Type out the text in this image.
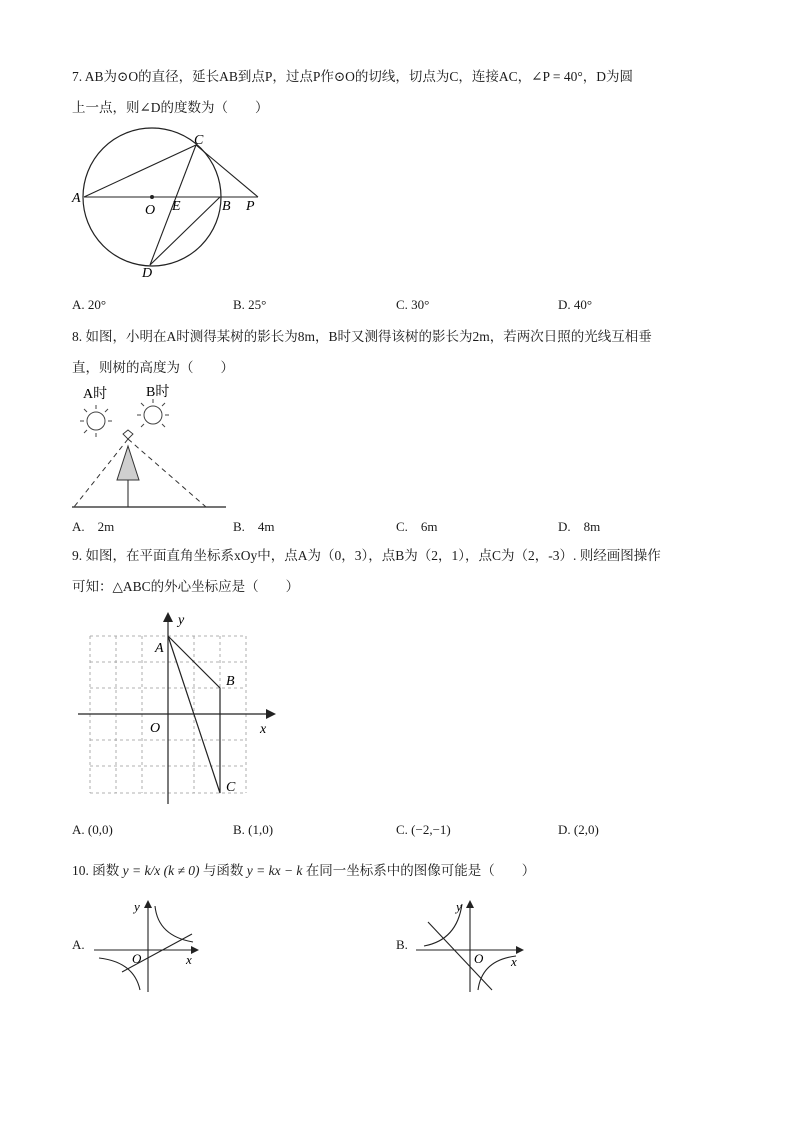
7. AB为⊙O的直径，延长AB到点P，过点P作⊙O的切线，切点为C，连接AC，∠P = 40°，D为圆
上一点，则∠D的度数为（　　）
A
O E	B P
C
D
A. 20°	B. 25°	C. 30°	D. 40°
8. 如图，小明在A时测得某树的影长为8m，B时又测得该树的影长为2m，若两次日照的光线互相垂
直，则树的高度为（　　）
A时	B时
A.　2m	B.　4m	C.　6m	D.　8m
9. 如图，在平面直角坐标系xOy中，点A为（0，3），点B为（2，1），点C为（2，-3）. 则经画图操作
可知：△ABC的外心坐标应是（　　）
A
B
C
O	x
y
A. (0,0)	B. (1,0)	C. (−2,−1)	D. (2,0)
10. 函数 y = k/x (k ≠ 0) 与函数 y = kx − k 在同一坐标系中的图像可能是（　　）
A.
O	x
y
B.
O x
y
